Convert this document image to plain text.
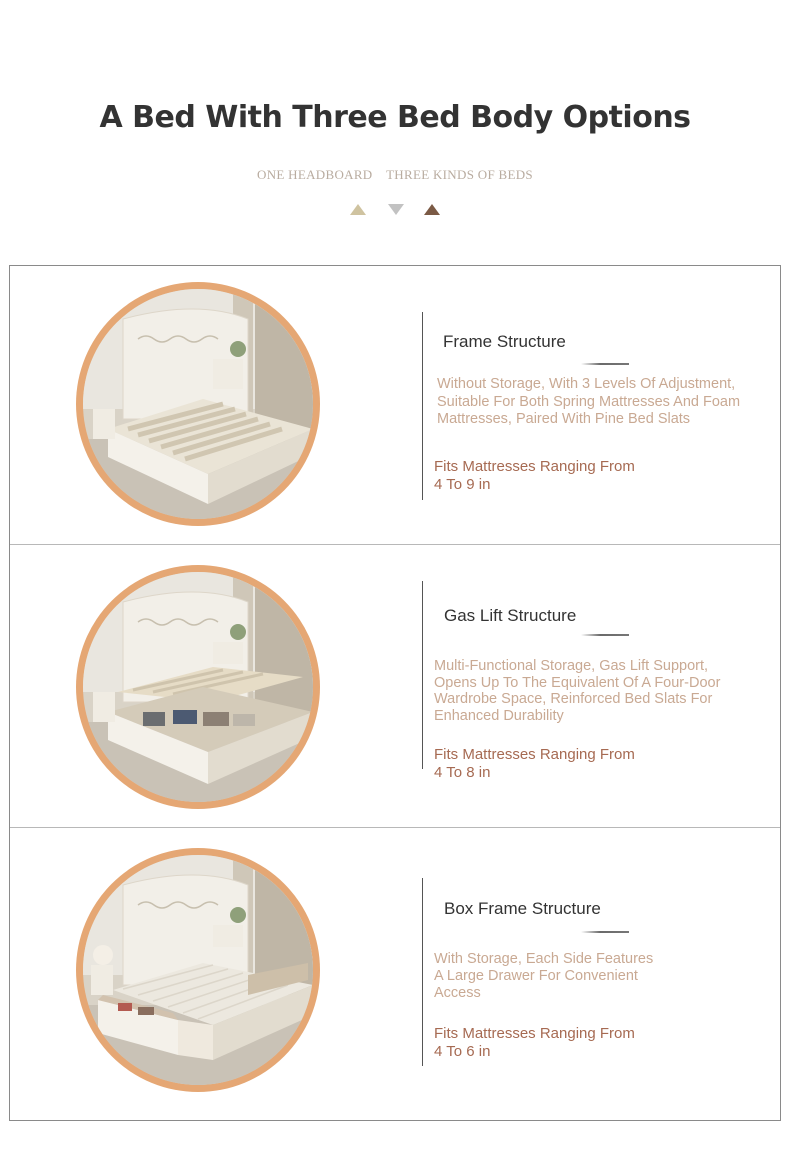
A Bed With Three Bed Body Options
ONE HEADBOARD THREE KINDS OF BEDS
Frame Structure
Without Storage, With 3 Levels Of Adjustment, Suitable For Both Spring Mattresses And Foam Mattresses, Paired With Pine Bed Slats
Fits Mattresses Ranging From
4 To 9 in
Gas Lift Structure
Multi-Functional Storage, Gas Lift Support, Opens Up To The Equivalent Of A Four-Door Wardrobe Space, Reinforced Bed Slats For Enhanced Durability
Fits Mattresses Ranging From
4 To 8 in
Box Frame Structure
With Storage, Each Side Features A Large Drawer For Convenient Access
Fits Mattresses Ranging From
4 To 6 in
